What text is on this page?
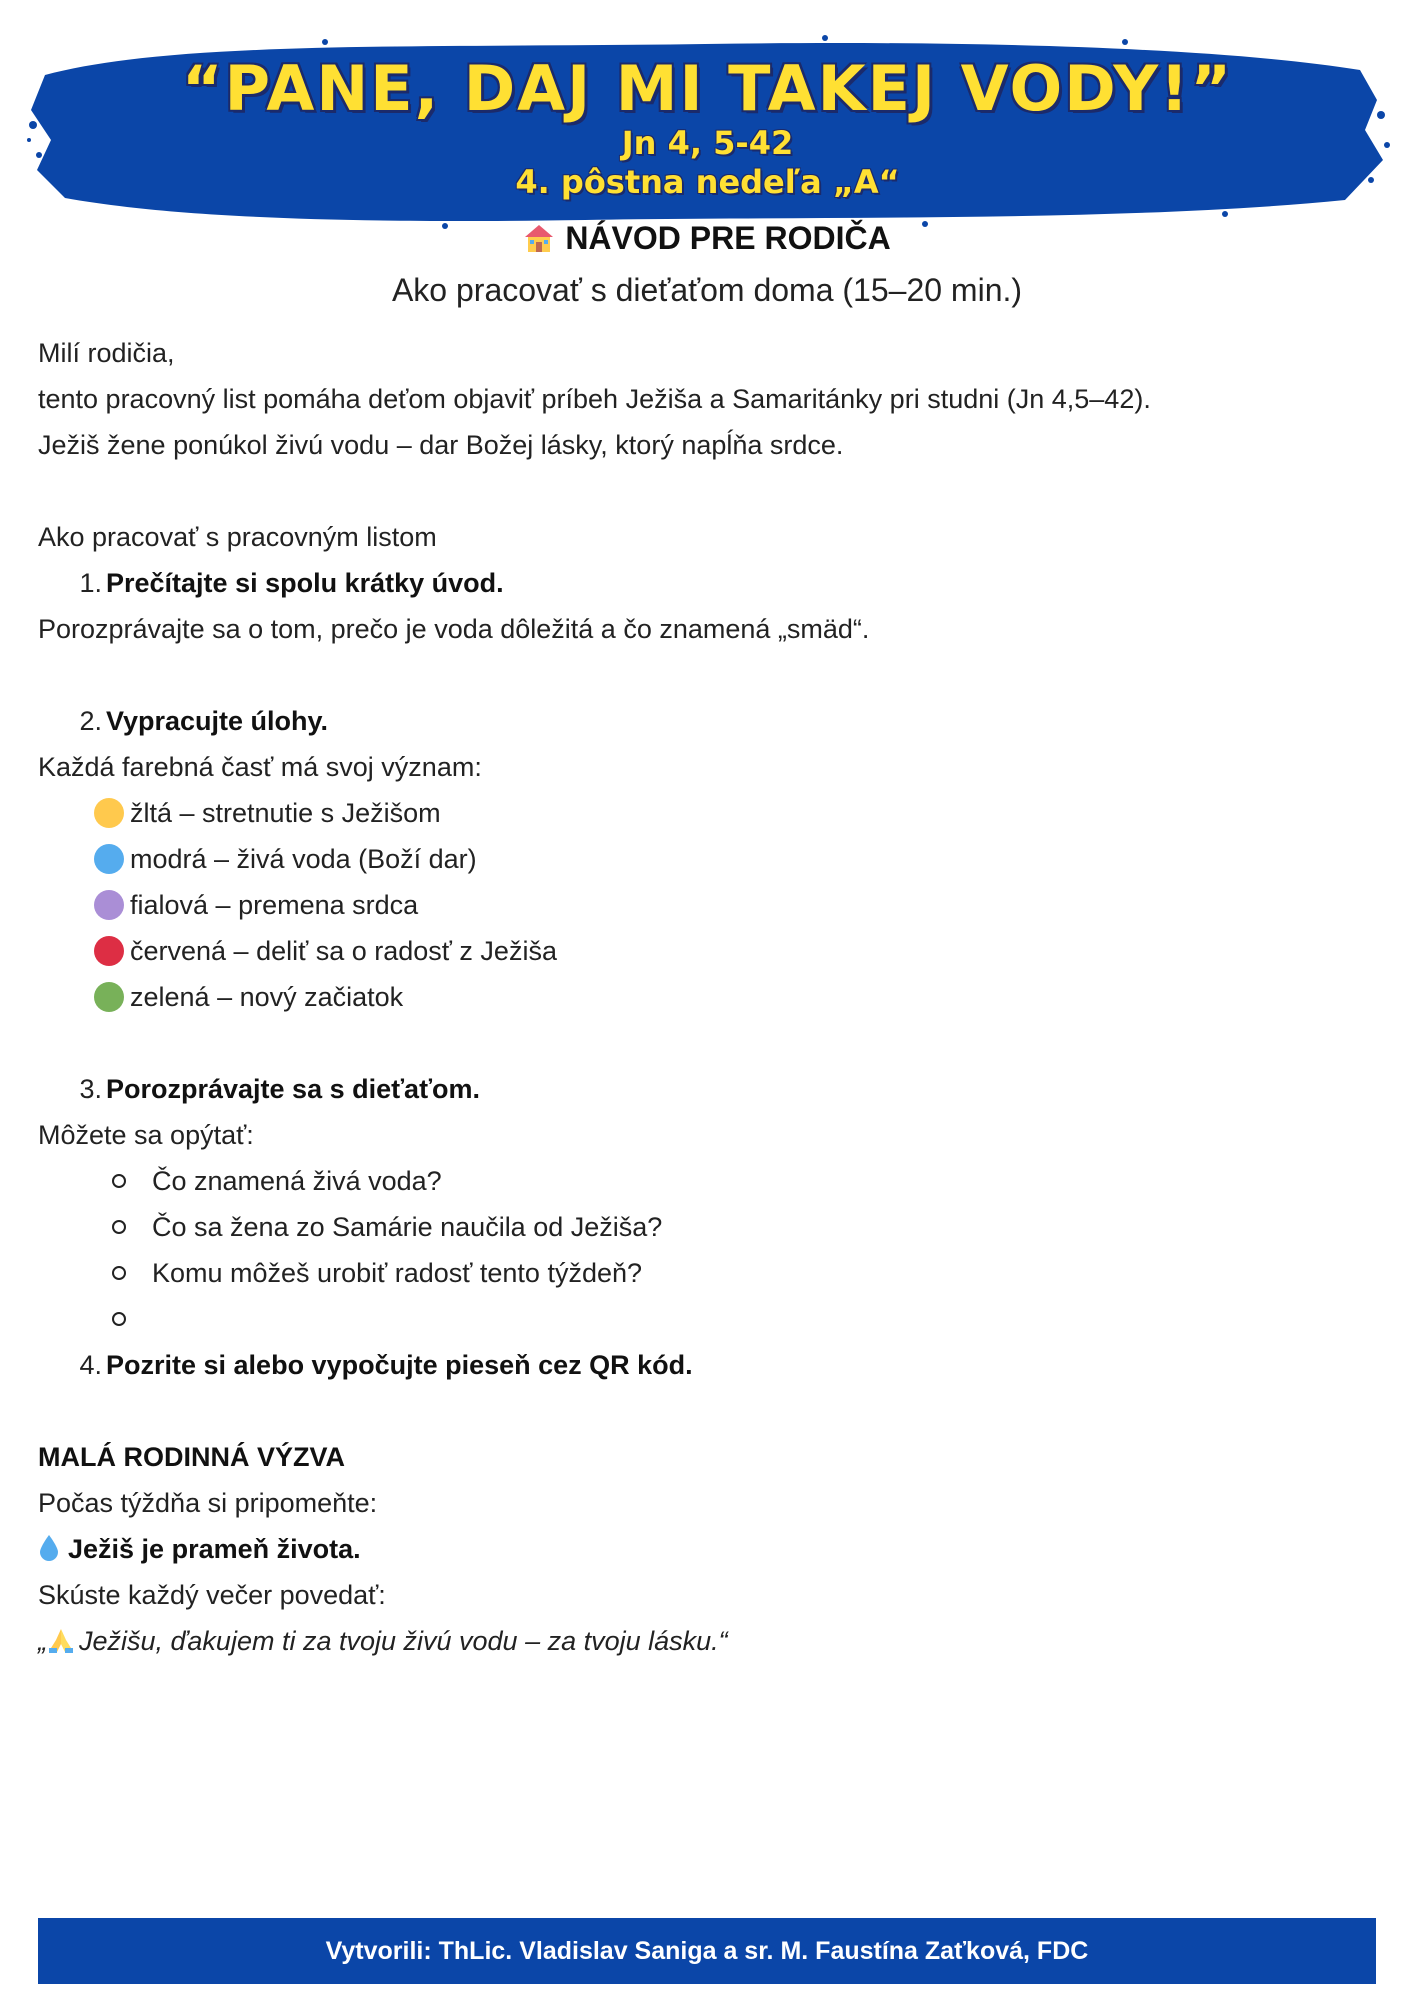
“PANE, DAJ MI TAKEJ VODY!”
Jn 4, 5-42
4. pôstna nedeľa „A“
NÁVOD PRE RODIČA
Ako pracovať s dieťaťom doma (15–20 min.)
Milí rodičia,
tento pracovný list pomáha deťom objaviť príbeh Ježiša a Samaritánky pri studni (Jn 4,5–42).
Ježiš žene ponúkol živú vodu – dar Božej lásky, ktorý napĺňa srdce.
Ako pracovať s pracovným listom
1. Prečítajte si spolu krátky úvod.
Porozprávajte sa o tom, prečo je voda dôležitá a čo znamená „smäd“.
2. Vypracujte úlohy.
Každá farebná časť má svoj význam:
žltá – stretnutie s Ježišom
modrá – živá voda (Boží dar)
fialová – premena srdca
červená – deliť sa o radosť z Ježiša
zelená – nový začiatok
3. Porozprávajte sa s dieťaťom.
Môžete sa opýtať:
Čo znamená živá voda?
Čo sa žena zo Samárie naučila od Ježiša?
Komu môžeš urobiť radosť tento týždeň?
4. Pozrite si alebo vypočujte pieseň cez QR kód.
MALÁ RODINNÁ VÝZVA
Počas týždňa si pripomeňte:
Ježiš je prameň života.
Skúste každý večer povedať:
„ Ježišu, ďakujem ti za tvoju živú vodu – za tvoju lásku.“
Vytvorili: ThLic. Vladislav Saniga a sr. M. Faustína Zaťková, FDC
